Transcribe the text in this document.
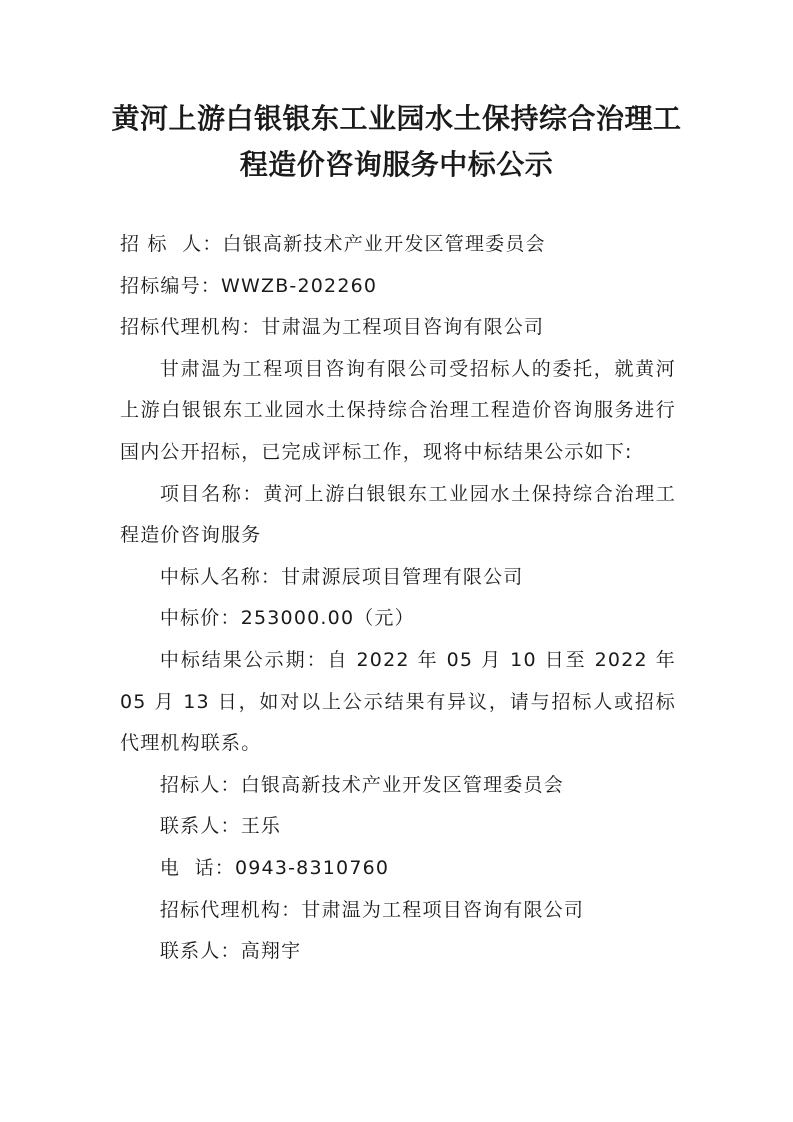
黄河上游白银银东工业园水土保持综合治理工
程造价咨询服务中标公示

招 标  人：白银高新技术产业开发区管理委员会

招标编号：WWZB-202260

招标代理机构：甘肃温为工程项目咨询有限公司

甘肃温为工程项目咨询有限公司受招标人的委托，就黄河上游白银银东工业园水土保持综合治理工程造价咨询服务进行国内公开招标，已完成评标工作，现将中标结果公示如下:

项目名称：黄河上游白银银东工业园水土保持综合治理工程造价咨询服务

中标人名称：甘肃源辰项目管理有限公司

中标价：253000.00（元）

中标结果公示期：自 2022 年 05 月 10 日至 2022 年 05 月 13 日，如对以上公示结果有异议，请与招标人或招标代理机构联系。

招标人：白银高新技术产业开发区管理委员会

联系人：王乐

电  话：0943-8310760

招标代理机构：甘肃温为工程项目咨询有限公司

联系人：高翔宇
